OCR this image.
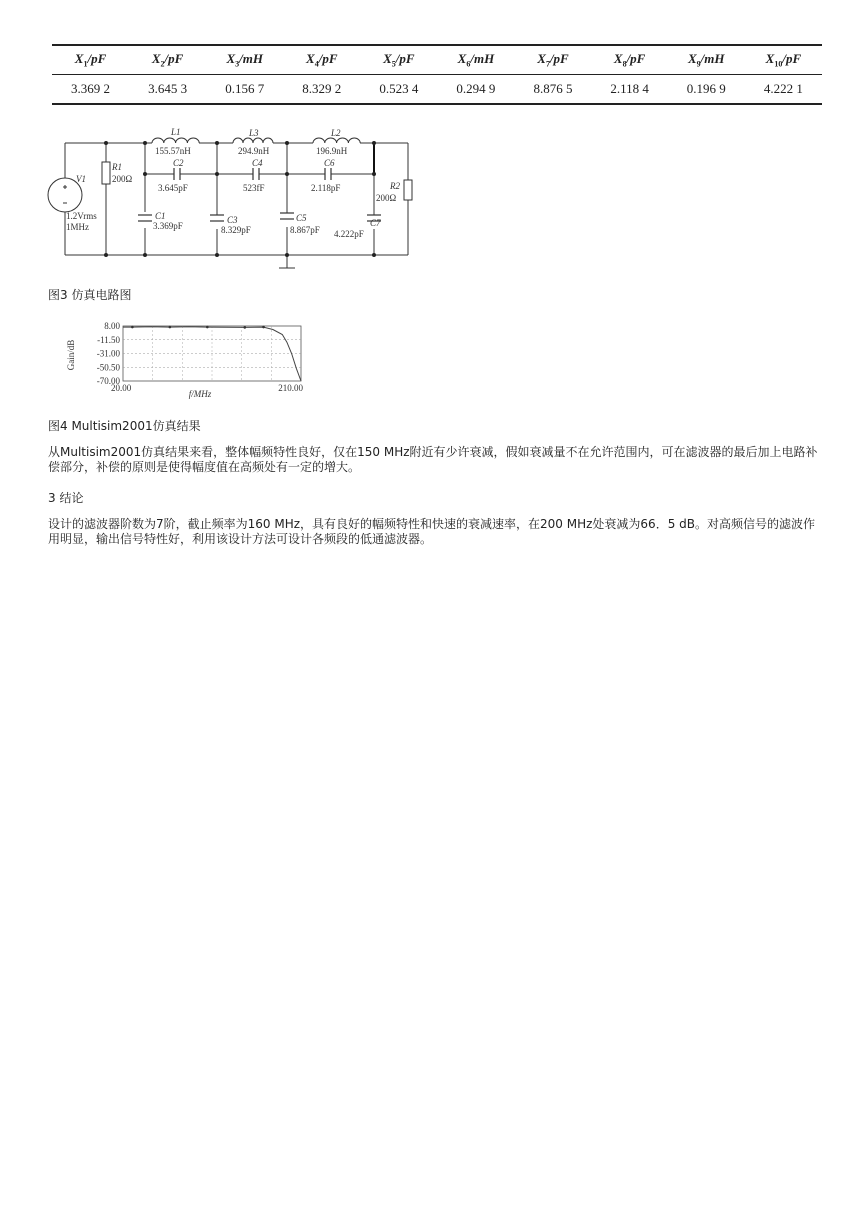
$X_1/pF$	$X_2/pF$	$X_3/mH$	$X_4/pF$	$X_5/pF$	$X_6/mH$	$X_7/pF$	$X_8/pF$	$X_9/mH$	$X_{10}/pF$
3.369 2	3.645 3	0.156 7	8.329 2	0.523 4	0.294 9	8.876 5	2.118 4	0.196 9	4.222 1
L1
155.57nH
L3
294.9nH
L2
196.9nH
C2
3.645pF
C4
523fF
C6
2.118pF
R1
200Ω
R2
200Ω
C1
3.369pF
C3
8.329pF
C5
8.867pF
C7
4.222pF
V1
1.2Vrms
1MHz
图3 仿真电路图
Gain/dB
8.00
-11.50
-31.00
-50.50
-70.00
20.00	210.00
f/MHz
图4 Multisim2001仿真结果
从Multisim2001仿真结果来看，整体幅频特性良好，仅在150 MHz附近有少许衰减，假如衰减量不在允许范围内，可在滤波器的最后加上电路补偿部分，补偿的原则是使得幅度值在高频处有一定的增大。
3 结论
设计的滤波器阶数为7阶，截止频率为160 MHz，具有良好的幅频特性和快速的衰减速率，在200 MHz处衰减为66．5 dB。对高频信号的滤波作用明显，输出信号特性好，利用该设计方法可设计各频段的低通滤波器。
